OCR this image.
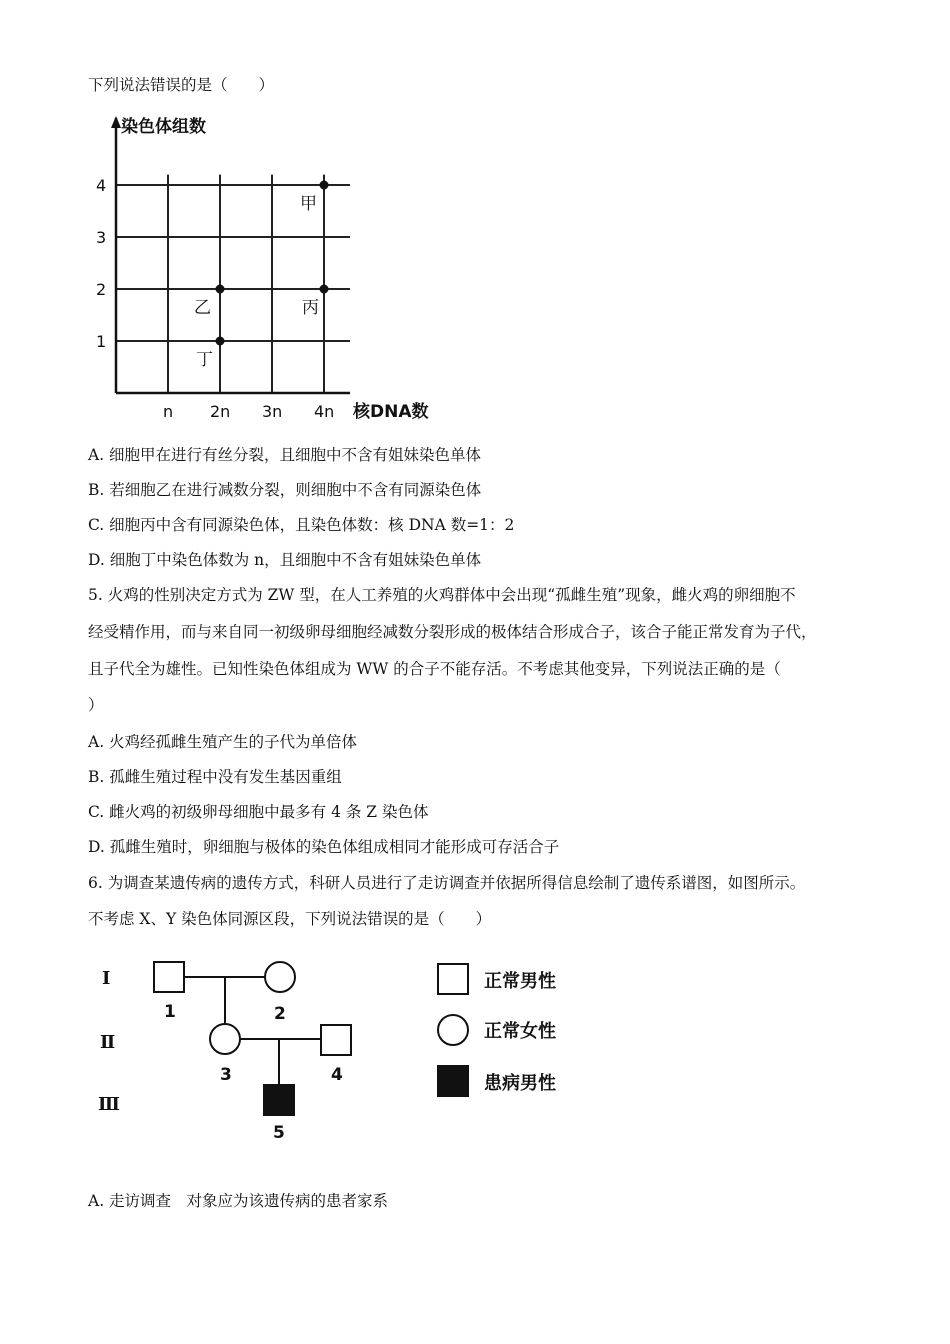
下列说法错误的是（　　）
1
2
3
4
n 2n 3n 4n
甲
乙	丙
丁
染色体组数
核DNA数
A. 细胞甲在进行有丝分裂，且细胞中不含有姐妹染色单体
B. 若细胞乙在进行减数分裂，则细胞中不含有同源染色体
C. 细胞丙中含有同源染色体，且染色体数：核 DNA 数=1：2
D. 细胞丁中染色体数为 n，且细胞中不含有姐妹染色单体
5. 火鸡的性别决定方式为 ZW 型，在人工养殖的火鸡群体中会出现“孤雌生殖”现象，雌火鸡的卵细胞不
经受精作用，而与来自同一初级卵母细胞经减数分裂形成的极体结合形成合子，该合子能正常发育为子代，
且子代全为雄性。已知性染色体组成为 WW 的合子不能存活。不考虑其他变异，下列说法正确的是（
）
A. 火鸡经孤雌生殖产生的子代为单倍体
B. 孤雌生殖过程中没有发生基因重组
C. 雌火鸡的初级卵母细胞中最多有 4 条 Z 染色体
D. 孤雌生殖时，卵细胞与极体的染色体组成相同才能形成可存活合子
6. 为调查某遗传病的遗传方式，科研人员进行了走访调查并依据所得信息绘制了遗传系谱图，如图所示。
不考虑 X、Y 染色体同源区段，下列说法错误的是（　　）
Ⅰ
Ⅱ
Ⅲ
1	2
3	4
5
正常男性
正常女性
患病男性
A. 走访调查　对象应为该遗传病的患者家系
